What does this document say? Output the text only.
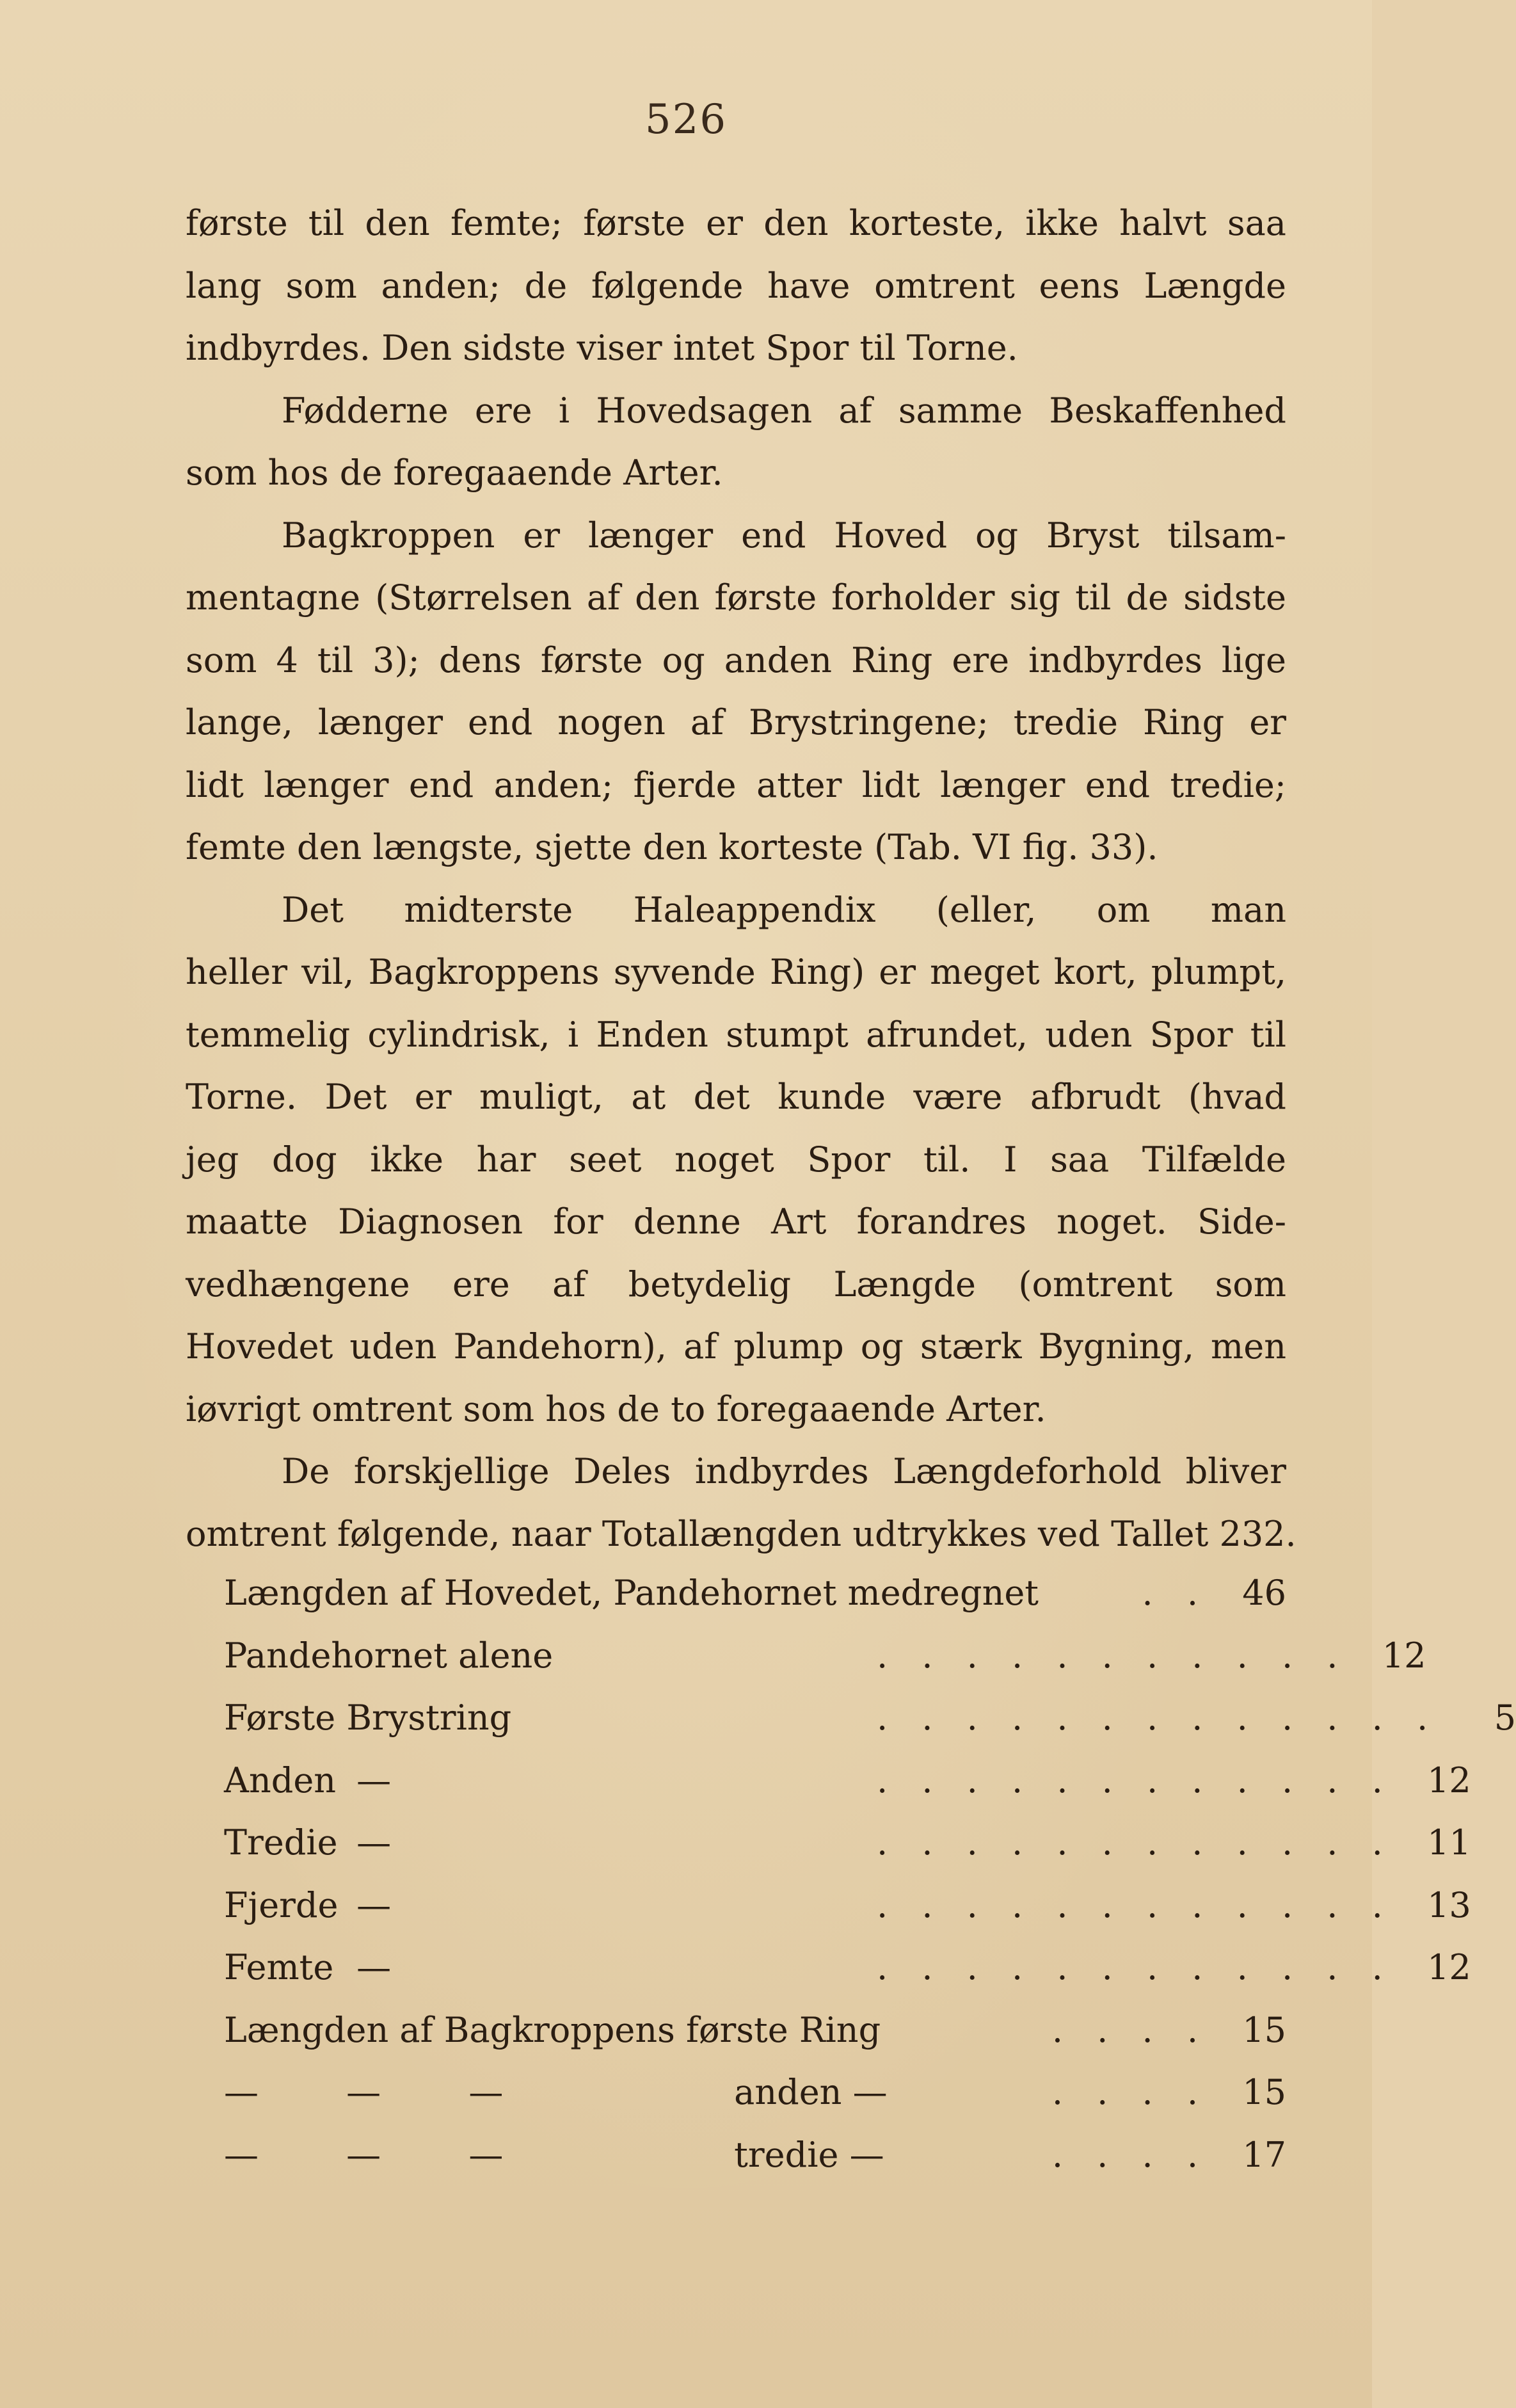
526
første til den femte; første er den korteste, ikke halvt saa
lang som anden; de følgende have omtrent eens Længde
indbyrdes. Den sidste viser intet Spor til Torne.
Fødderne ere i Hovedsagen af samme Beskaffenhed
som hos de foregaaende Arter.
Bagkroppen er længer end Hoved og Bryst tilsam-
mentagne (Størrelsen af den første forholder sig til de sidste
som 4 til 3); dens første og anden Ring ere indbyrdes lige
lange, længer end nogen af Brystringene; tredie Ring er
lidt længer end anden; fjerde atter lidt længer end tredie;
femte den længste, sjette den korteste (Tab. VI fig. 33).
Det midterste Haleappendix (eller, om man
heller vil, Bagkroppens syvende Ring) er meget kort, plumpt,
temmelig cylindrisk, i Enden stumpt afrundet, uden Spor til
Torne. Det er muligt, at det kunde være afbrudt (hvad
jeg dog ikke har seet noget Spor til. I saa Tilfælde
maatte Diagnosen for denne Art forandres noget. Side-
vedhængene ere af betydelig Længde (omtrent som
Hovedet uden Pandehorn), af plump og stærk Bygning, men
iøvrigt omtrent som hos de to foregaaende Arter.
De forskjellige Deles indbyrdes Længdeforhold bliver
omtrent følgende, naar Totallængden udtrykkes ved Tallet 232.
Længden af Hovedet, Pandehornet medregnet	. . 46
Pandehornet alene	. . . . . . . . . . . 12
Første Brystring	. . . . . . . . . . . . .	5
Anden —	. . . . . . . . . . . . 12
Tredie —	. . . . . . . . . . . . 11
Fjerde —	. . . . . . . . . . . . 13
Femte —	. . . . . . . . . . . . 12
Længden af Bagkroppens første Ring	. . . . 15
— — —	anden —	. . . . 15
— — —	tredie —	. . . . 17
